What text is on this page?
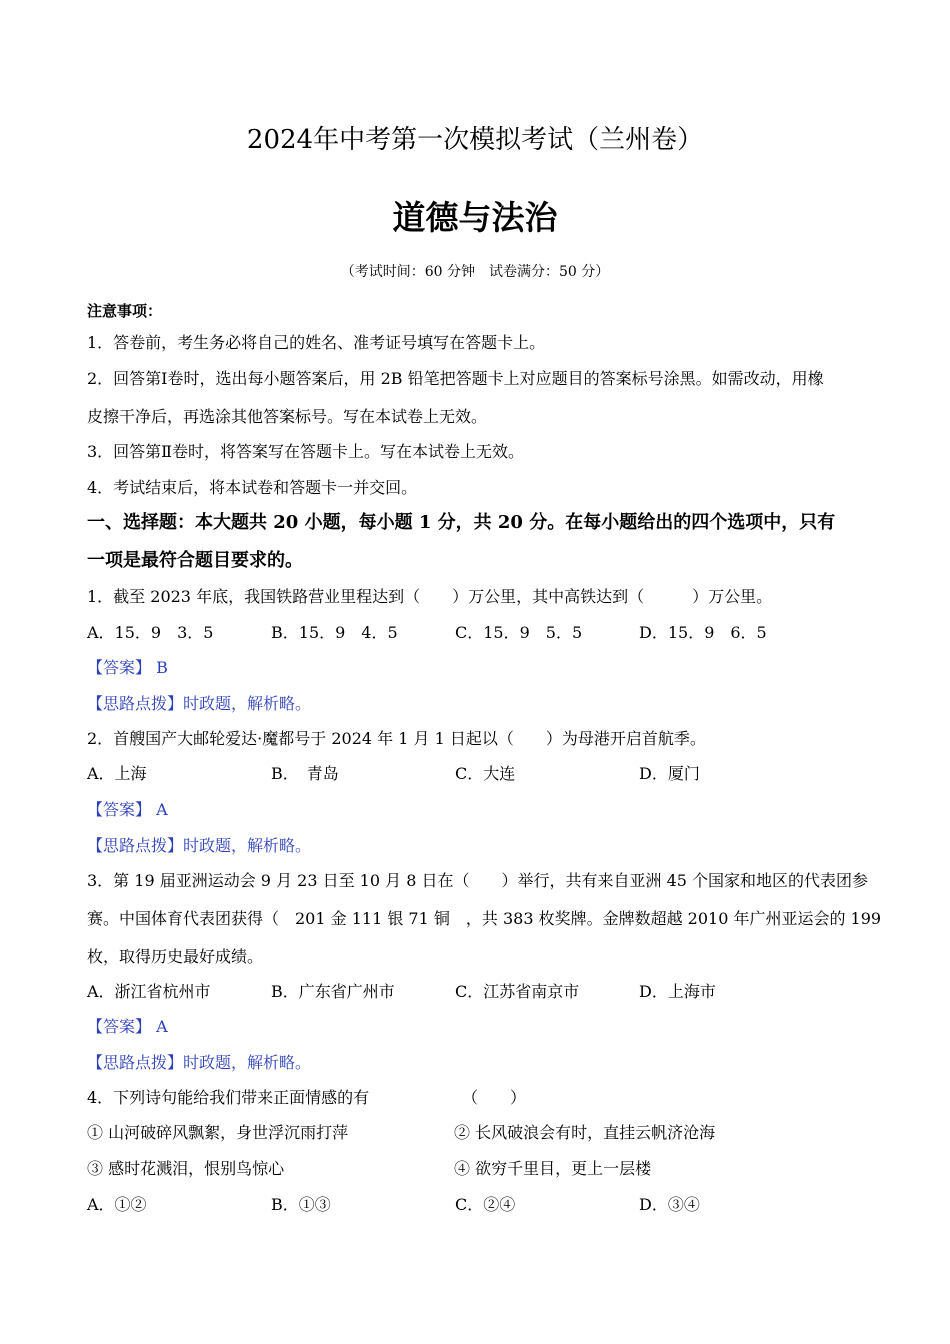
2024年中考第一次模拟考试（兰州卷）
道德与法治
（考试时间：60 分钟　试卷满分：50 分）
注意事项：
1．答卷前，考生务必将自己的姓名、准考证号填写在答题卡上。
2．回答第Ⅰ卷时，选出每小题答案后，用 2B 铅笔把答题卡上对应题目的答案标号涂黑。如需改动，用橡
皮擦干净后，再选涂其他答案标号。写在本试卷上无效。
3．回答第Ⅱ卷时，将答案写在答题卡上。写在本试卷上无效。
4．考试结束后，将本试卷和答题卡一并交回。
一、选择题：本大题共 20 小题，每小题 1 分，共 20 分。在每小题给出的四个选项中，只有
一项是最符合题目要求的。
1．截至 2023 年底，我国铁路营业里程达到（　　）万公里，其中高铁达到（　　　）万公里。
A．15．9　3．5	B．15．9　4．5	C．15．9　5．5	D．15．9　6．5
【答案】 B
【思路点拨】时政题，解析略。
2．首艘国产大邮轮爱达·魔都号于 2024 年 1 月 1 日起以（　　）为母港开启首航季。
A．上海	B．　青岛	C．大连	D．厦门
【答案】 A
【思路点拨】时政题，解析略。
3．第 19 届亚洲运动会 9 月 23 日至 10 月 8 日在（　　）举行，共有来自亚洲 45 个国家和地区的代表团参
赛。中国体育代表团获得（　201 金 111 银 71 铜　，共 383 枚奖牌。金牌数超越 2010 年广州亚运会的 199
枚，取得历史最好成绩。
A．浙江省杭州市	B．广东省广州市	C．江苏省南京市	D．上海市
【答案】 A
【思路点拨】时政题，解析略。
4．下列诗句能给我们带来正面情感的有	（　　）
① 山河破碎风飘絮，身世浮沉雨打萍	② 长风破浪会有时，直挂云帆济沧海
③ 感时花溅泪，恨别鸟惊心	④ 欲穷千里目，更上一层楼
A．①②	B．①③	C．②④	D．③④
